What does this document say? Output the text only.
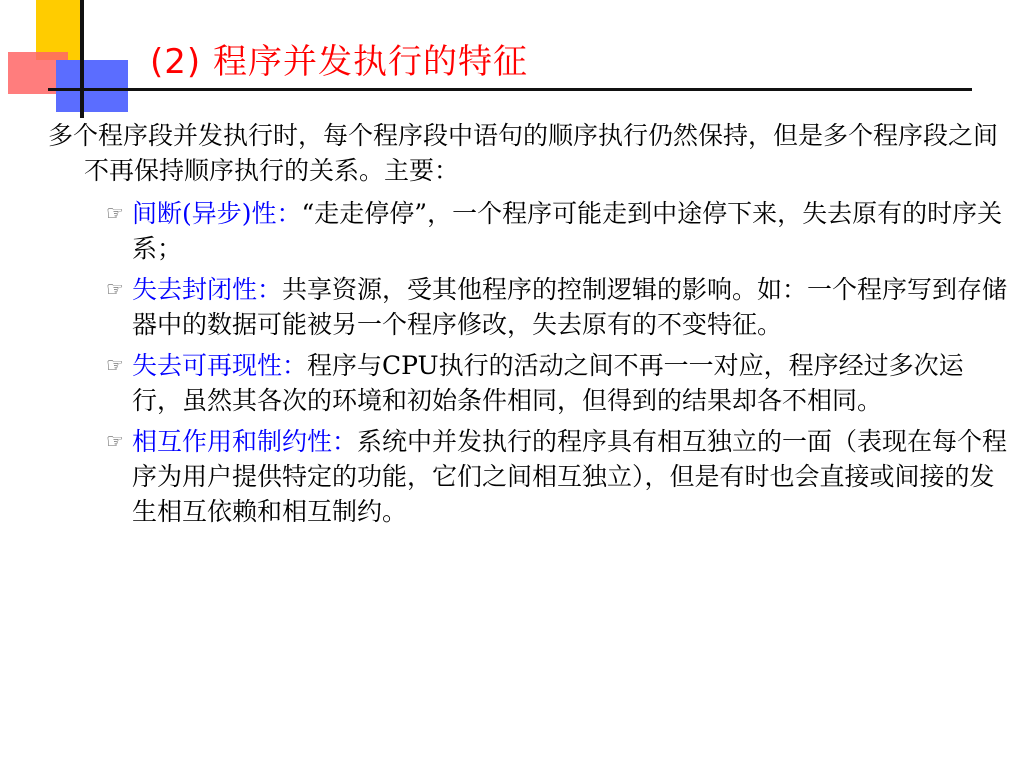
(2) 程序并发执行的特征

多个程序段并发执行时，每个程序段中语句的顺序执行仍然保持，但是多个程序段之间不再保持顺序执行的关系。主要：

☞ 间断(异步)性：“走走停停”，一个程序可能走到中途停下来，失去原有的时序关系；

☞ 失去封闭性：共享资源，受其他程序的控制逻辑的影响。如：一个程序写到存储器中的数据可能被另一个程序修改，失去原有的不变特征。

☞ 失去可再现性：程序与CPU执行的活动之间不再一一对应，程序经过多次运行，虽然其各次的环境和初始条件相同，但得到的结果却各不相同。

☞ 相互作用和制约性：系统中并发执行的程序具有相互独立的一面（表现在每个程序为用户提供特定的功能，它们之间相互独立），但是有时也会直接或间接的发生相互依赖和相互制约。
